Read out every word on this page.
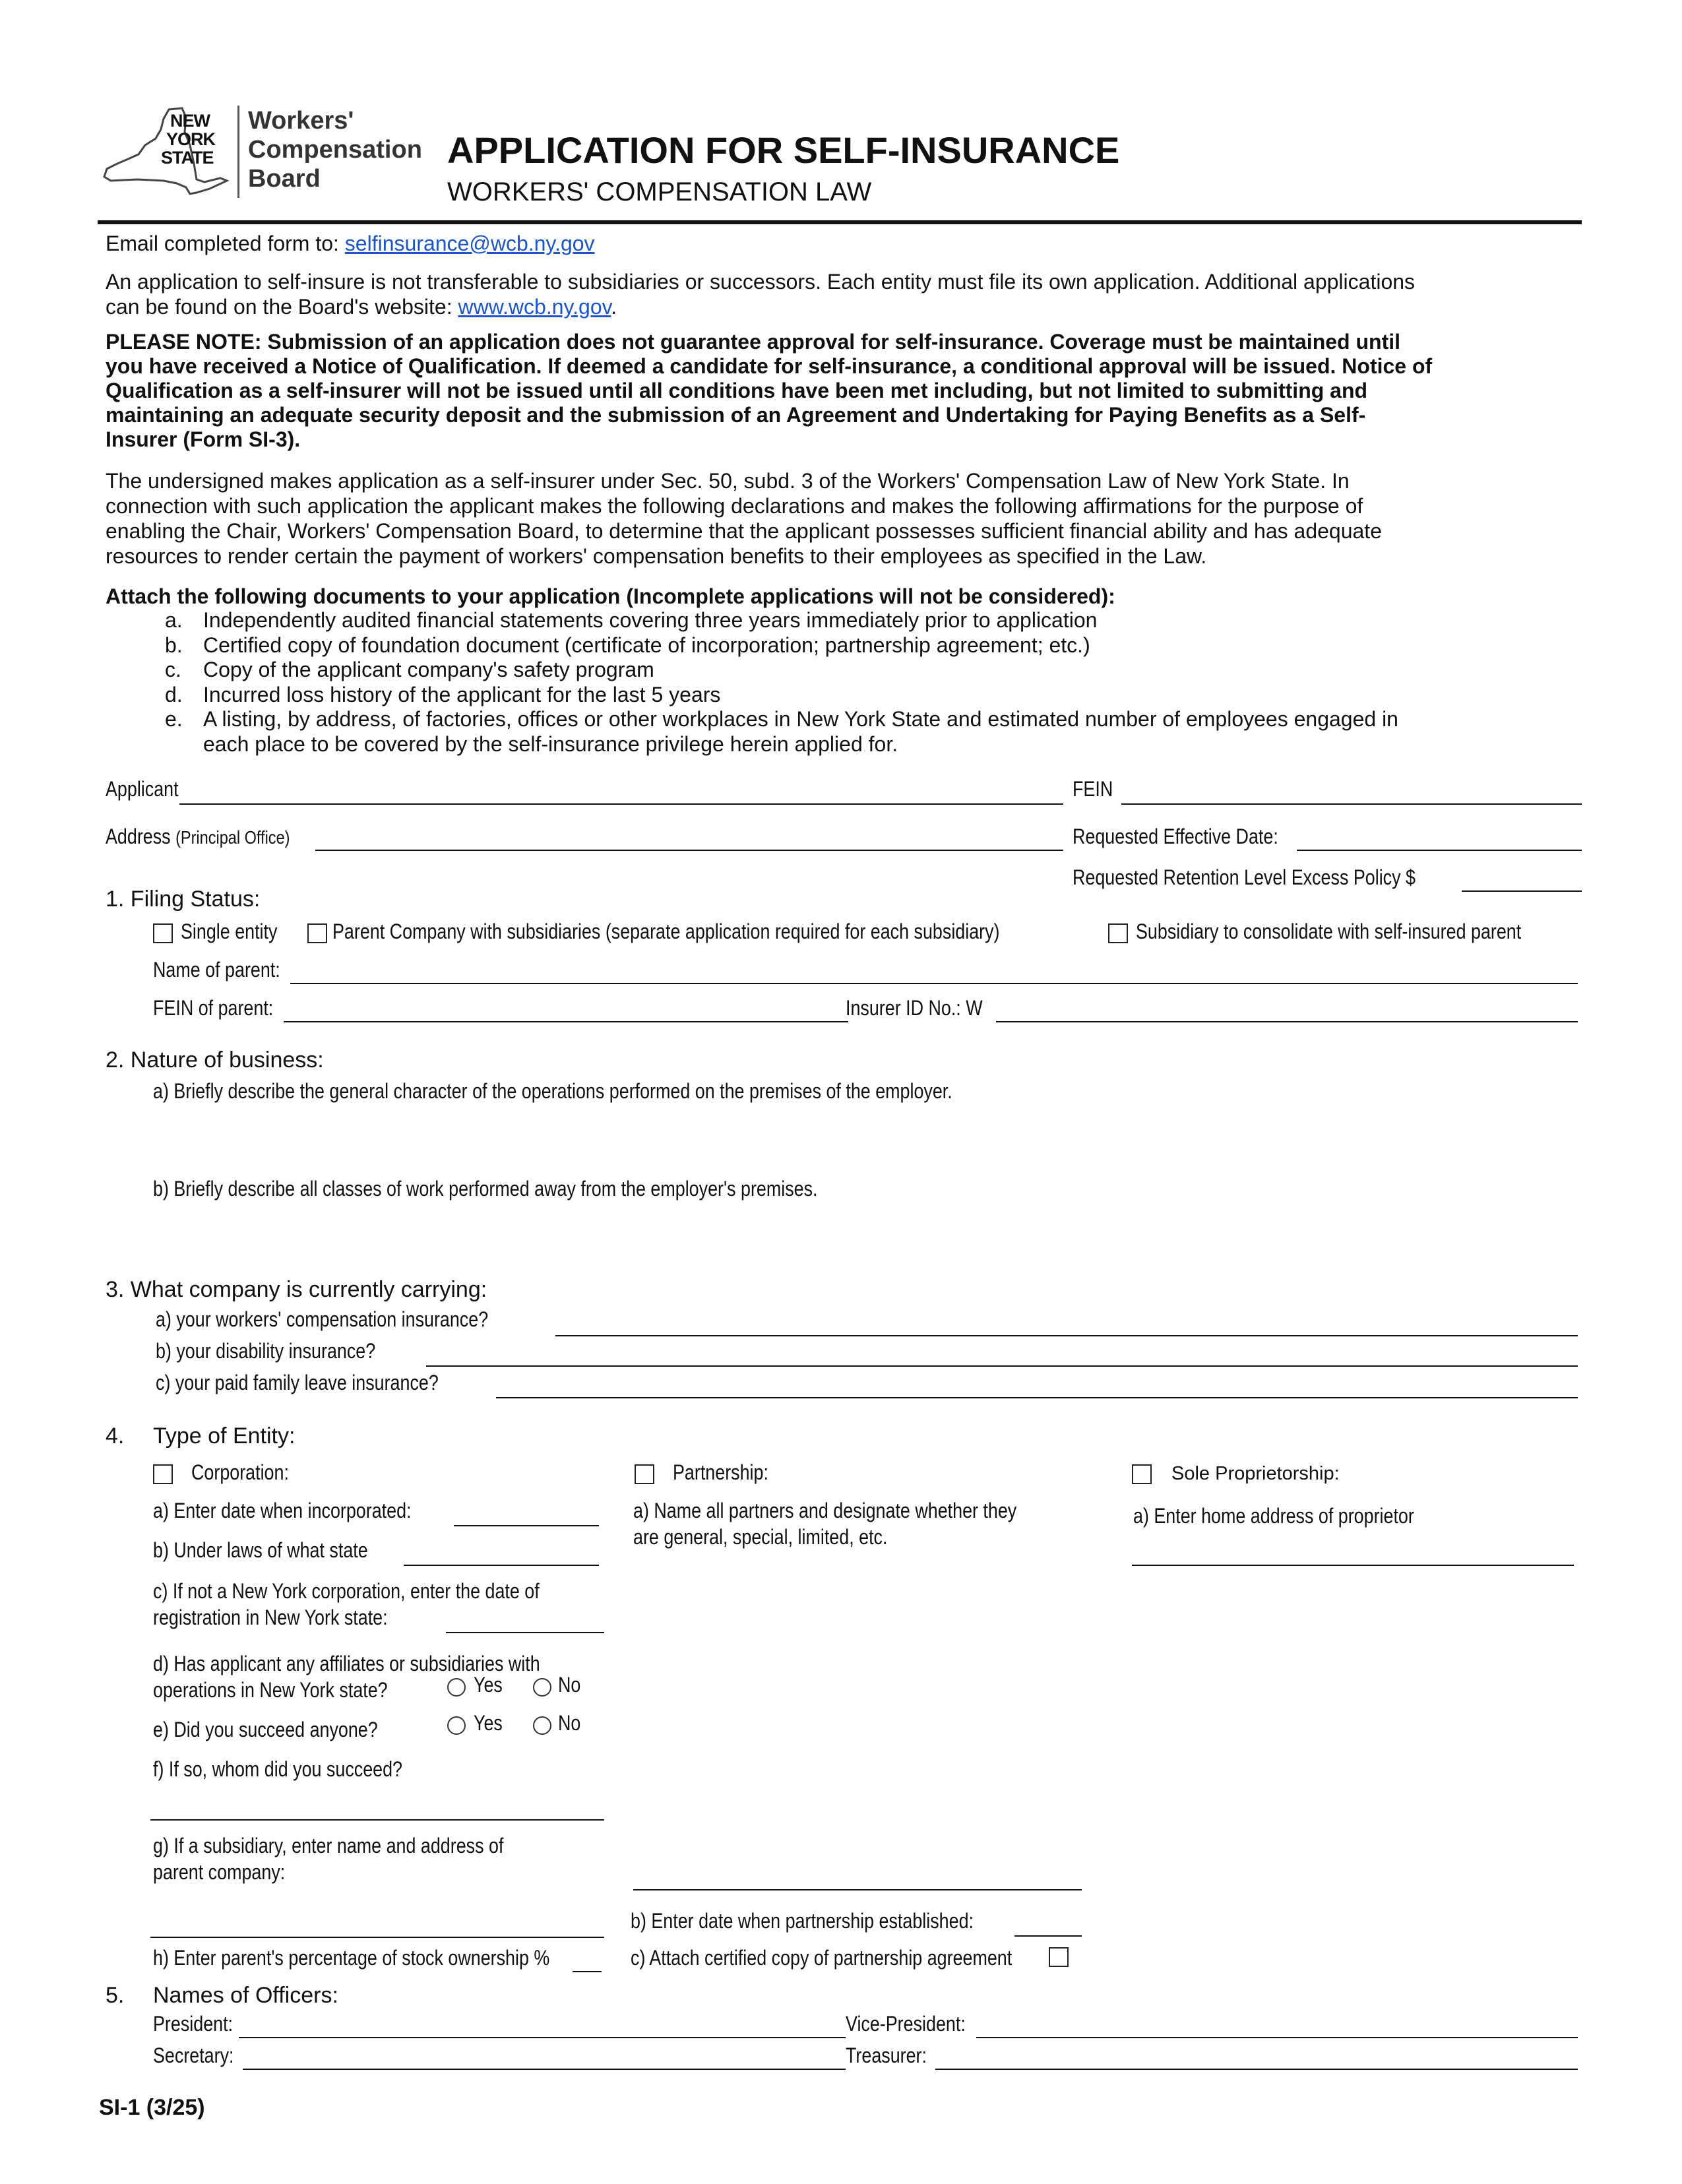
NEW
YORK
STATE
Workers'
Compensation
Board
APPLICATION FOR SELF-INSURANCE
WORKERS' COMPENSATION LAW
Email completed form to: selfinsurance@wcb.ny.gov
An application to self-insure is not transferable to subsidiaries or successors. Each entity must file its own application. Additional applications
can be found on the Board's website: www.wcb.ny.gov.
PLEASE NOTE: Submission of an application does not guarantee approval for self-insurance. Coverage must be maintained until
you have received a Notice of Qualification. If deemed a candidate for self-insurance, a conditional approval will be issued. Notice of
Qualification as a self-insurer will not be issued until all conditions have been met including, but not limited to submitting and
maintaining an adequate security deposit and the submission of an Agreement and Undertaking for Paying Benefits as a Self-
Insurer (Form SI-3).
The undersigned makes application as a self-insurer under Sec. 50, subd. 3 of the Workers' Compensation Law of New York State. In
connection with such application the applicant makes the following declarations and makes the following affirmations for the purpose of
enabling the Chair, Workers' Compensation Board, to determine that the applicant possesses sufficient financial ability and has adequate
resources to render certain the payment of workers' compensation benefits to their employees as specified in the Law.
Attach the following documents to your application (Incomplete applications will not be considered):
a. Independently audited financial statements covering three years immediately prior to application
b. Certified copy of foundation document (certificate of incorporation; partnership agreement; etc.)
c. Copy of the applicant company's safety program
d. Incurred loss history of the applicant for the last 5 years
e. A listing, by address, of factories, offices or other workplaces in New York State and estimated number of employees engaged in
each place to be covered by the self-insurance privilege herein applied for.
Applicant	FEIN
Address (Principal Office)	Requested Effective Date:
Requested Retention Level Excess Policy $
1. Filing Status:
Single entity	Parent Company with subsidiaries (separate application required for each subsidiary)	Subsidiary to consolidate with self-insured parent
Name of parent:
FEIN of parent:	Insurer ID No.: W
2. Nature of business:
a) Briefly describe the general character of the operations performed on the premises of the employer.
b) Briefly describe all classes of work performed away from the employer's premises.
3. What company is currently carrying:
a) your workers' compensation insurance?
b) your disability insurance?
c) your paid family leave insurance?
4. Type of Entity:
Corporation:
a) Enter date when incorporated:
b) Under laws of what state
c) If not a New York corporation, enter the date of
registration in New York state:
d) Has applicant any affiliates or subsidiaries with
operations in New York state?	Yes	No
e) Did you succeed anyone?	Yes	No
f) If so, whom did you succeed?
g) If a subsidiary, enter name and address of
parent company:
h) Enter parent's percentage of stock ownership %
Partnership:
a) Name all partners and designate whether they
are general, special, limited, etc.
b) Enter date when partnership established:
c) Attach certified copy of partnership agreement
Sole Proprietorship:
a) Enter home address of proprietor
5. Names of Officers:
President:	Vice-President:
Secretary:	Treasurer:
SI-1 (3/25)
